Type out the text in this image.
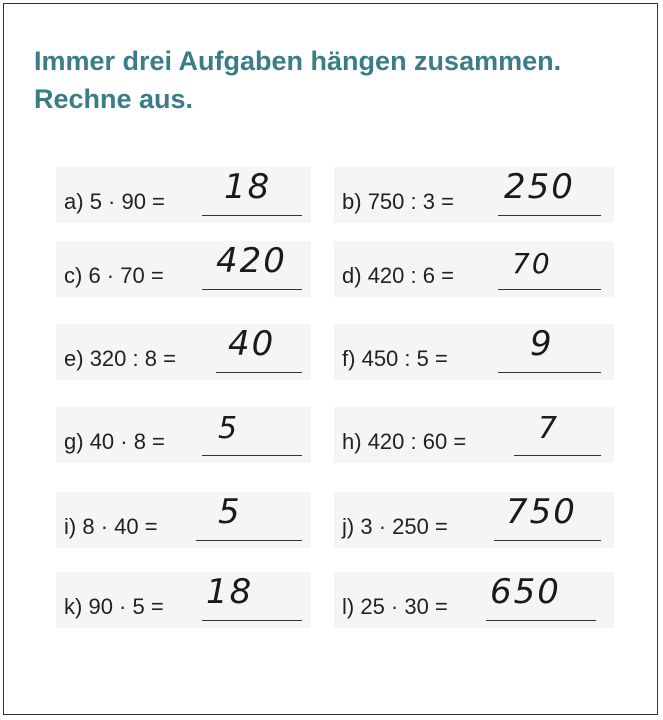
Immer drei Aufgaben hängen zusammen.
Rechne aus.
a) 5 · 90 = 18	b) 750 : 3 = 250
c) 6 · 70 = 420	d) 420 : 6 = 70
e) 320 : 8 = 40	f) 450 : 5 = 9
g) 40 · 8 = 5	h) 420 : 60 = 7
i) 8 · 40 = 5	j) 3 · 250 = 750
k) 90 · 5 = 18	l) 25 · 30 = 650
